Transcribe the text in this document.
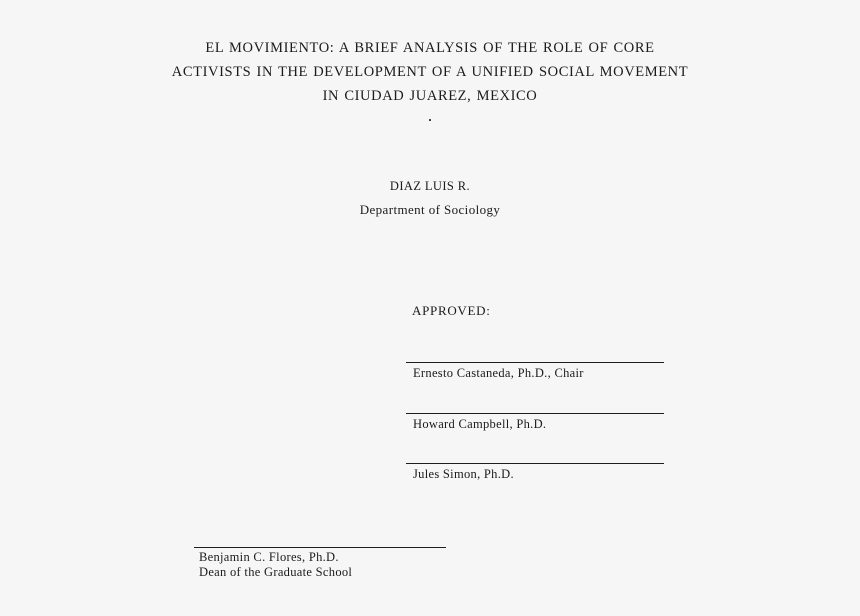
EL MOVIMIENTO: A BRIEF ANALYSIS OF THE ROLE OF CORE
ACTIVISTS IN THE DEVELOPMENT OF A UNIFIED SOCIAL MOVEMENT
IN CIUDAD JUAREZ, MEXICO
.
DIAZ LUIS R.
Department of Sociology
APPROVED:
Ernesto Castaneda, Ph.D., Chair
Howard Campbell, Ph.D.
Jules Simon, Ph.D.
Benjamin C. Flores, Ph.D.
Dean of the Graduate School
